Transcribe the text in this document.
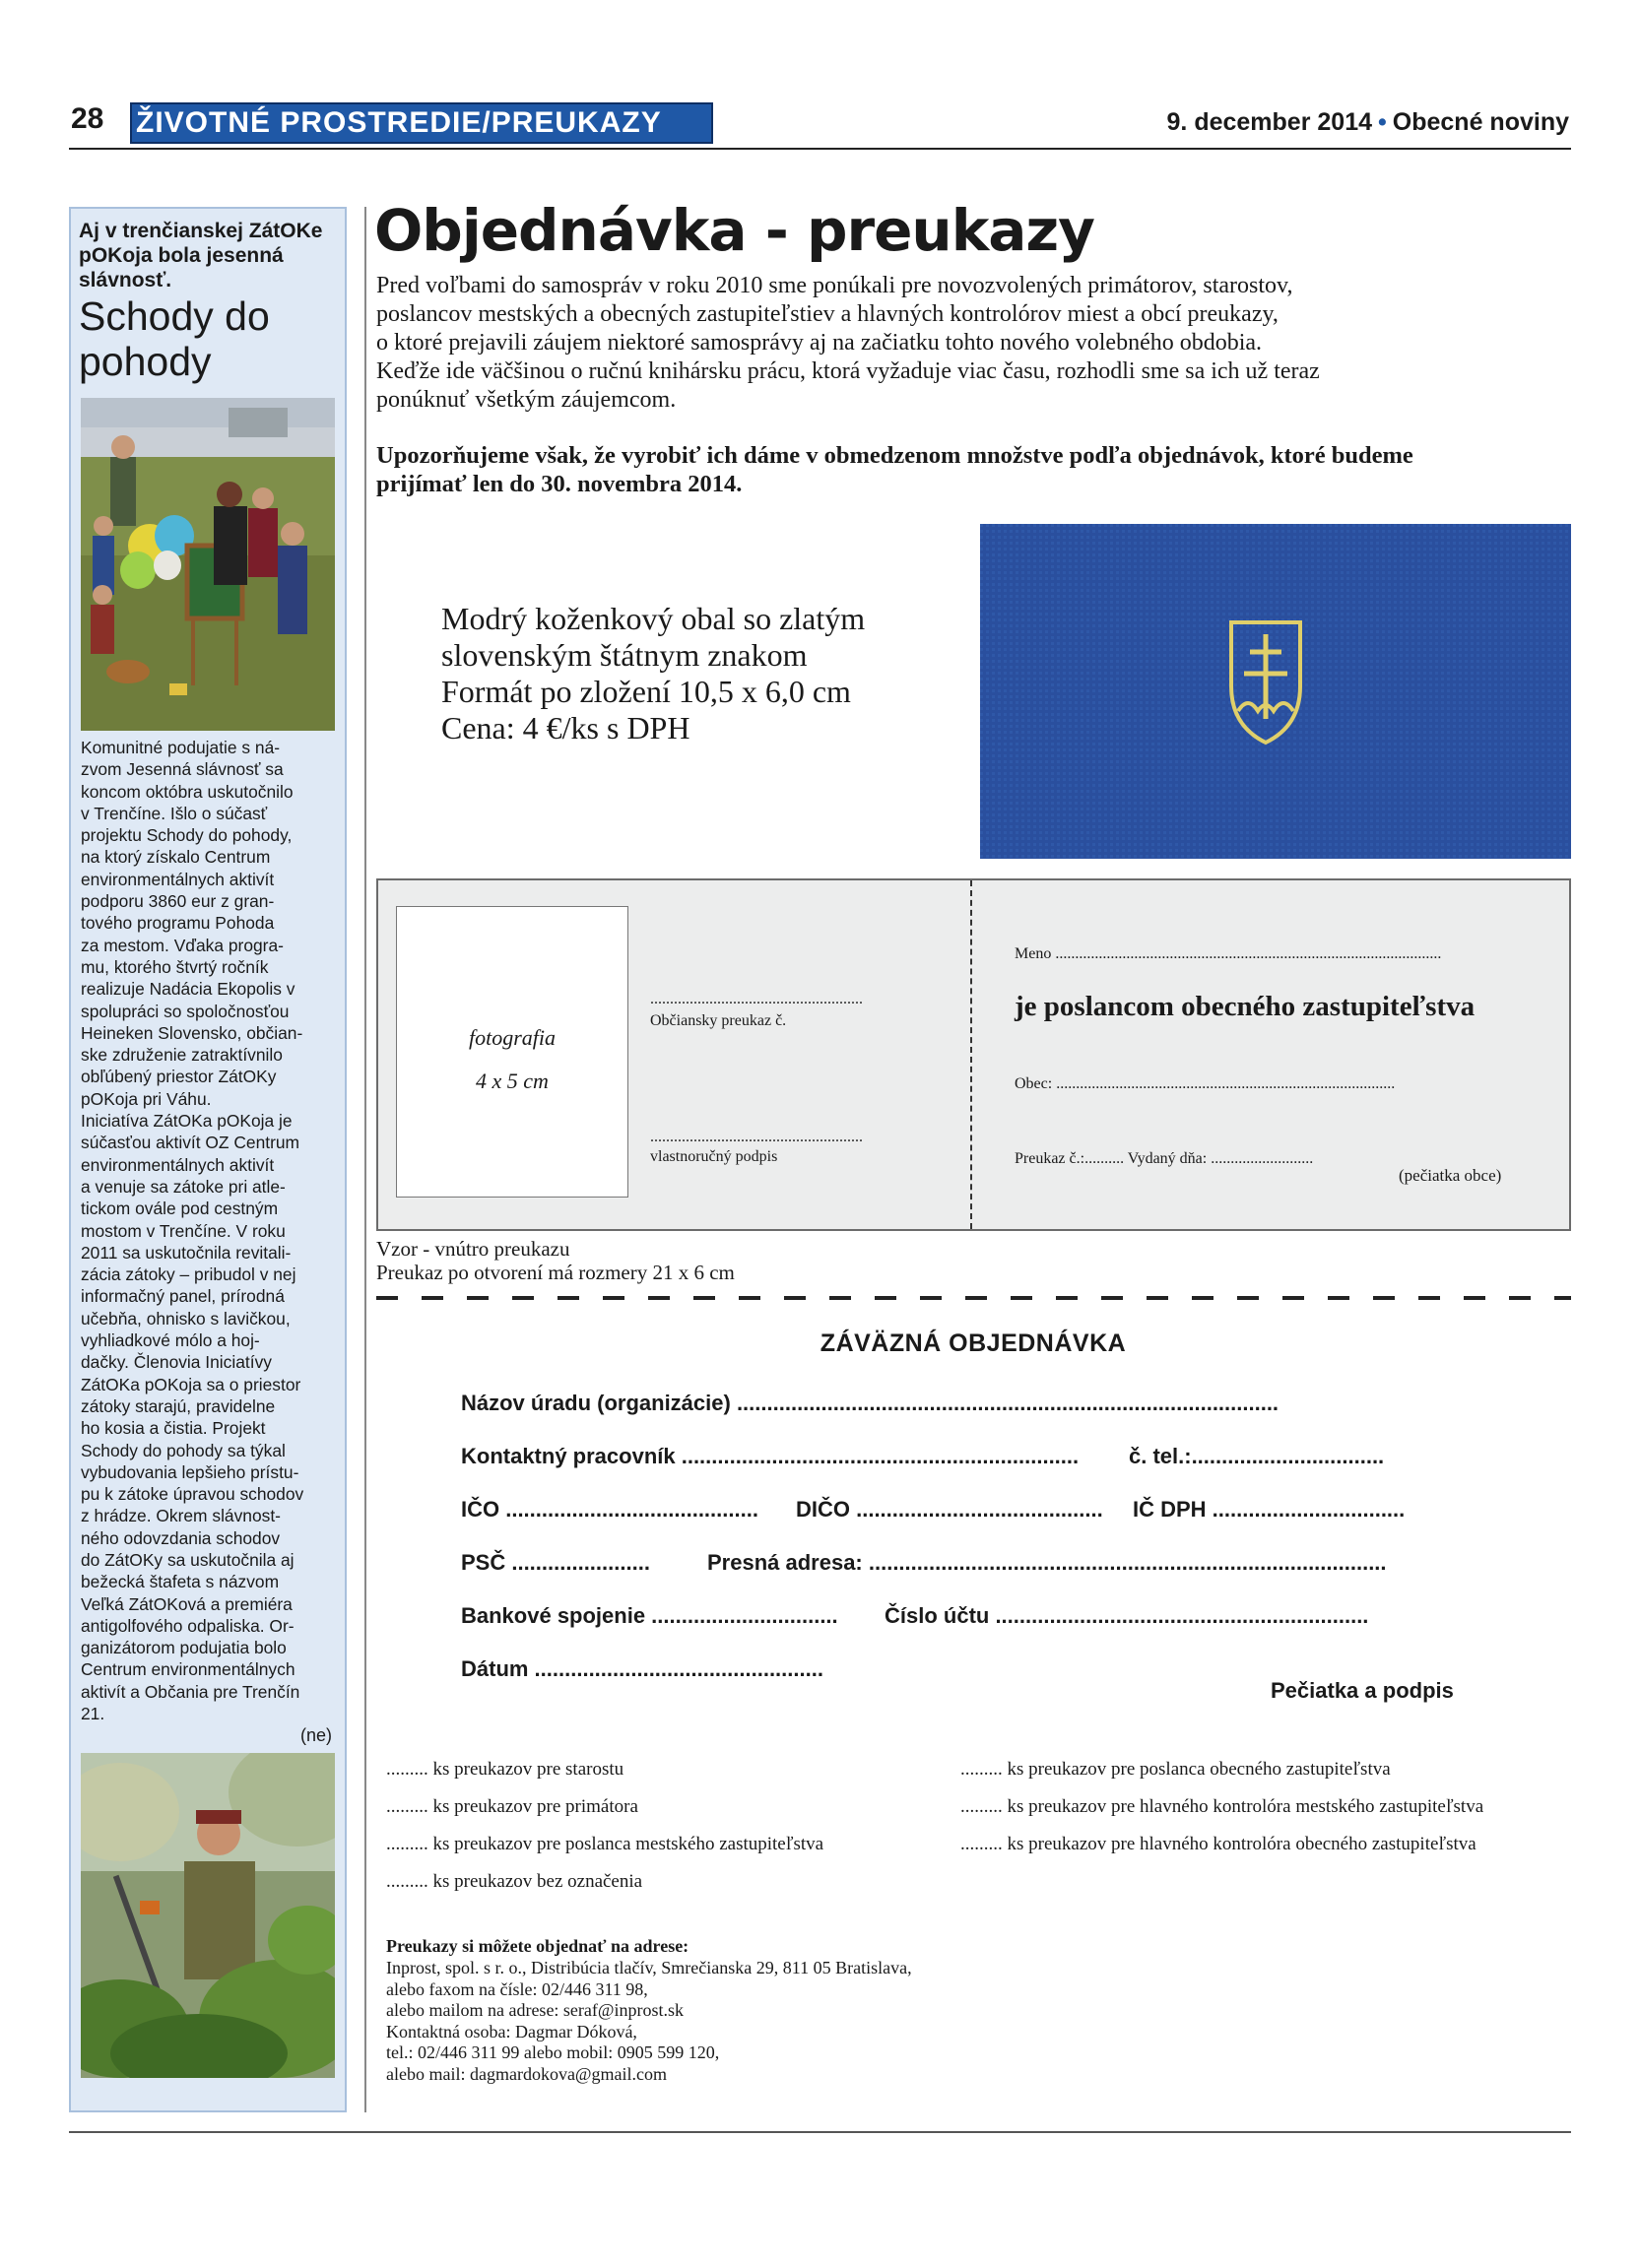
28 ŽIVOTNÉ PROSTREDIE/PREUKAZY	9. december 2014 • Obecné noviny
Aj v trenčianskej ZátOKe pOKoja bola jesenná slávnosť.
Schody do pohody
Komunitné podujatie s ná-
zvom Jesenná slávnosť sa
koncom októbra uskutočnilo
v Trenčíne. Išlo o súčasť
projektu Schody do pohody,
na ktorý získalo Centrum
environmentálnych aktivít
podporu 3860 eur z gran-
tového programu Pohoda
za mestom. Vďaka progra-
mu, ktorého štvrtý ročník
realizuje Nadácia Ekopolis v
spolupráci so spoločnosťou
Heineken Slovensko, občian-
ske združenie zatraktívnilo
obľúbený priestor ZátOKy
pOKoja pri Váhu.
Iniciatíva ZátOKa pOKoja je
súčasťou aktivít OZ Centrum
environmentálnych aktivít
a venuje sa zátoke pri atle-
tickom ovále pod cestným
mostom v Trenčíne. V roku
2011 sa uskutočnila revitali-
zácia zátoky – pribudol v nej
informačný panel, prírodná
učebňa, ohnisko s lavičkou,
vyhliadkové mólo a hoj-
dačky. Členovia Iniciatívy
ZátOKa pOKoja sa o priestor
zátoky starajú, pravidelne
ho kosia a čistia. Projekt
Schody do pohody sa týkal
vybudovania lepšieho prístu-
pu k zátoke úpravou schodov
z hrádze. Okrem slávnost-
ného odovzdania schodov
do ZátOKy sa uskutočnila aj
bežecká štafeta s názvom
Veľká ZátOKová a premiéra
antigolfového odpaliska. Or-
ganizátorom podujatia bolo
Centrum environmentálnych
aktivít a Občania pre Trenčín
21.
(ne)
Objednávka - preukazy
Pred voľbami do samospráv v roku 2010 sme ponúkali pre novozvolených primátorov, starostov,
poslancov mestských a obecných zastupiteľstiev a hlavných kontrolórov miest a obcí preukazy,
o ktoré prejavili záujem niektoré samosprávy aj na začiatku tohto nového volebného obdobia.
Keďže ide väčšinou o ručnú knihársku prácu, ktorá vyžaduje viac času, rozhodli sme sa ich už teraz
ponúknuť všetkým záujemcom.
Upozorňujeme však, že vyrobiť ich dáme v obmedzenom množstve podľa objednávok, ktoré budeme
prijímať len do 30. novembra 2014.
Modrý koženkový obal so zlatým
slovenským štátnym znakom
Formát po zložení 10,5 x 6,0 cm
Cena: 4 €/ks s DPH
fotografia
4 x 5 cm
......................................................
Občiansky preukaz č.
......................................................
vlastnoručný podpis
Meno ..................................................................................................
je poslancom obecného zastupiteľstva
Obec: ......................................................................................
Preukaz č.:.......... Vydaný dňa: ..........................
(pečiatka obce)
Vzor - vnútro preukazu
Preukaz po otvorení má rozmery 21 x 6 cm
ZÁVÄZNÁ OBJEDNÁVKA
Názov úradu (organizácie) ..........................................................................................
Kontaktný pracovník .................................................................. č. tel.:................................
IČO .......................................... DIČO ......................................... IČ DPH ................................
PSČ .......................	Presná adresa: ......................................................................................
Bankové spojenie ............................... Číslo účtu ..............................................................
Dátum ................................................
Pečiatka a podpis
......... ks preukazov pre starostu
......... ks preukazov pre primátora
......... ks preukazov pre poslanca mestského zastupiteľstva
......... ks preukazov bez označenia
......... ks preukazov pre poslanca obecného zastupiteľstva
......... ks preukazov pre hlavného kontrolóra mestského zastupiteľstva
......... ks preukazov pre hlavného kontrolóra obecného zastupiteľstva
Preukazy si môžete objednať na adrese:
Inprost, spol. s r. o., Distribúcia tlačív, Smrečianska 29, 811 05 Bratislava,
alebo faxom na čísle: 02/446 311 98,
alebo mailom na adrese: seraf@inprost.sk
Kontaktná osoba: Dagmar Dóková,
tel.: 02/446 311 99 alebo mobil: 0905 599 120,
alebo mail: dagmardokova@gmail.com
